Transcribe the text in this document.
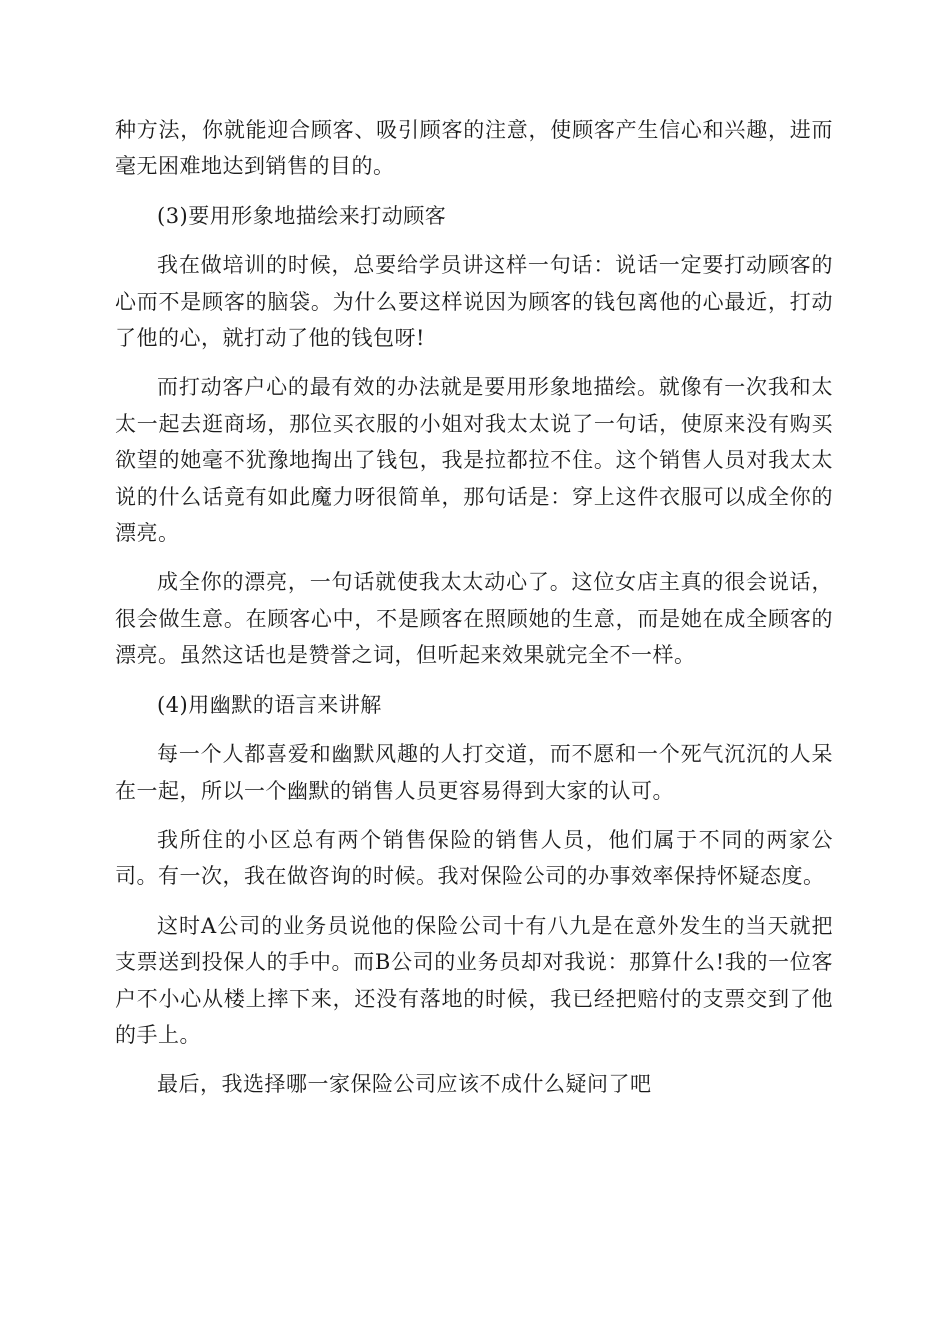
种方法，你就能迎合顾客、吸引顾客的注意，使顾客产生信心和兴趣，进而毫无困难地达到销售的目的。

(3)要用形象地描绘来打动顾客

我在做培训的时候，总要给学员讲这样一句话：说话一定要打动顾客的心而不是顾客的脑袋。为什么要这样说因为顾客的钱包离他的心最近，打动了他的心，就打动了他的钱包呀!

而打动客户心的最有效的办法就是要用形象地描绘。就像有一次我和太太一起去逛商场，那位买衣服的小姐对我太太说了一句话，使原来没有购买欲望的她毫不犹豫地掏出了钱包，我是拉都拉不住。这个销售人员对我太太说的什么话竟有如此魔力呀很简单，那句话是：穿上这件衣服可以成全你的漂亮。

成全你的漂亮，一句话就使我太太动心了。这位女店主真的很会说话，很会做生意。在顾客心中，不是顾客在照顾她的生意，而是她在成全顾客的漂亮。虽然这话也是赞誉之词，但听起来效果就完全不一样。

(4)用幽默的语言来讲解

每一个人都喜爱和幽默风趣的人打交道，而不愿和一个死气沉沉的人呆在一起，所以一个幽默的销售人员更容易得到大家的认可。

我所住的小区总有两个销售保险的销售人员，他们属于不同的两家公司。有一次，我在做咨询的时候。我对保险公司的办事效率保持怀疑态度。

这时A公司的业务员说他的保险公司十有八九是在意外发生的当天就把支票送到投保人的手中。而B公司的业务员却对我说：那算什么!我的一位客户不小心从楼上摔下来，还没有落地的时候，我已经把赔付的支票交到了他的手上。

最后，我选择哪一家保险公司应该不成什么疑问了吧
